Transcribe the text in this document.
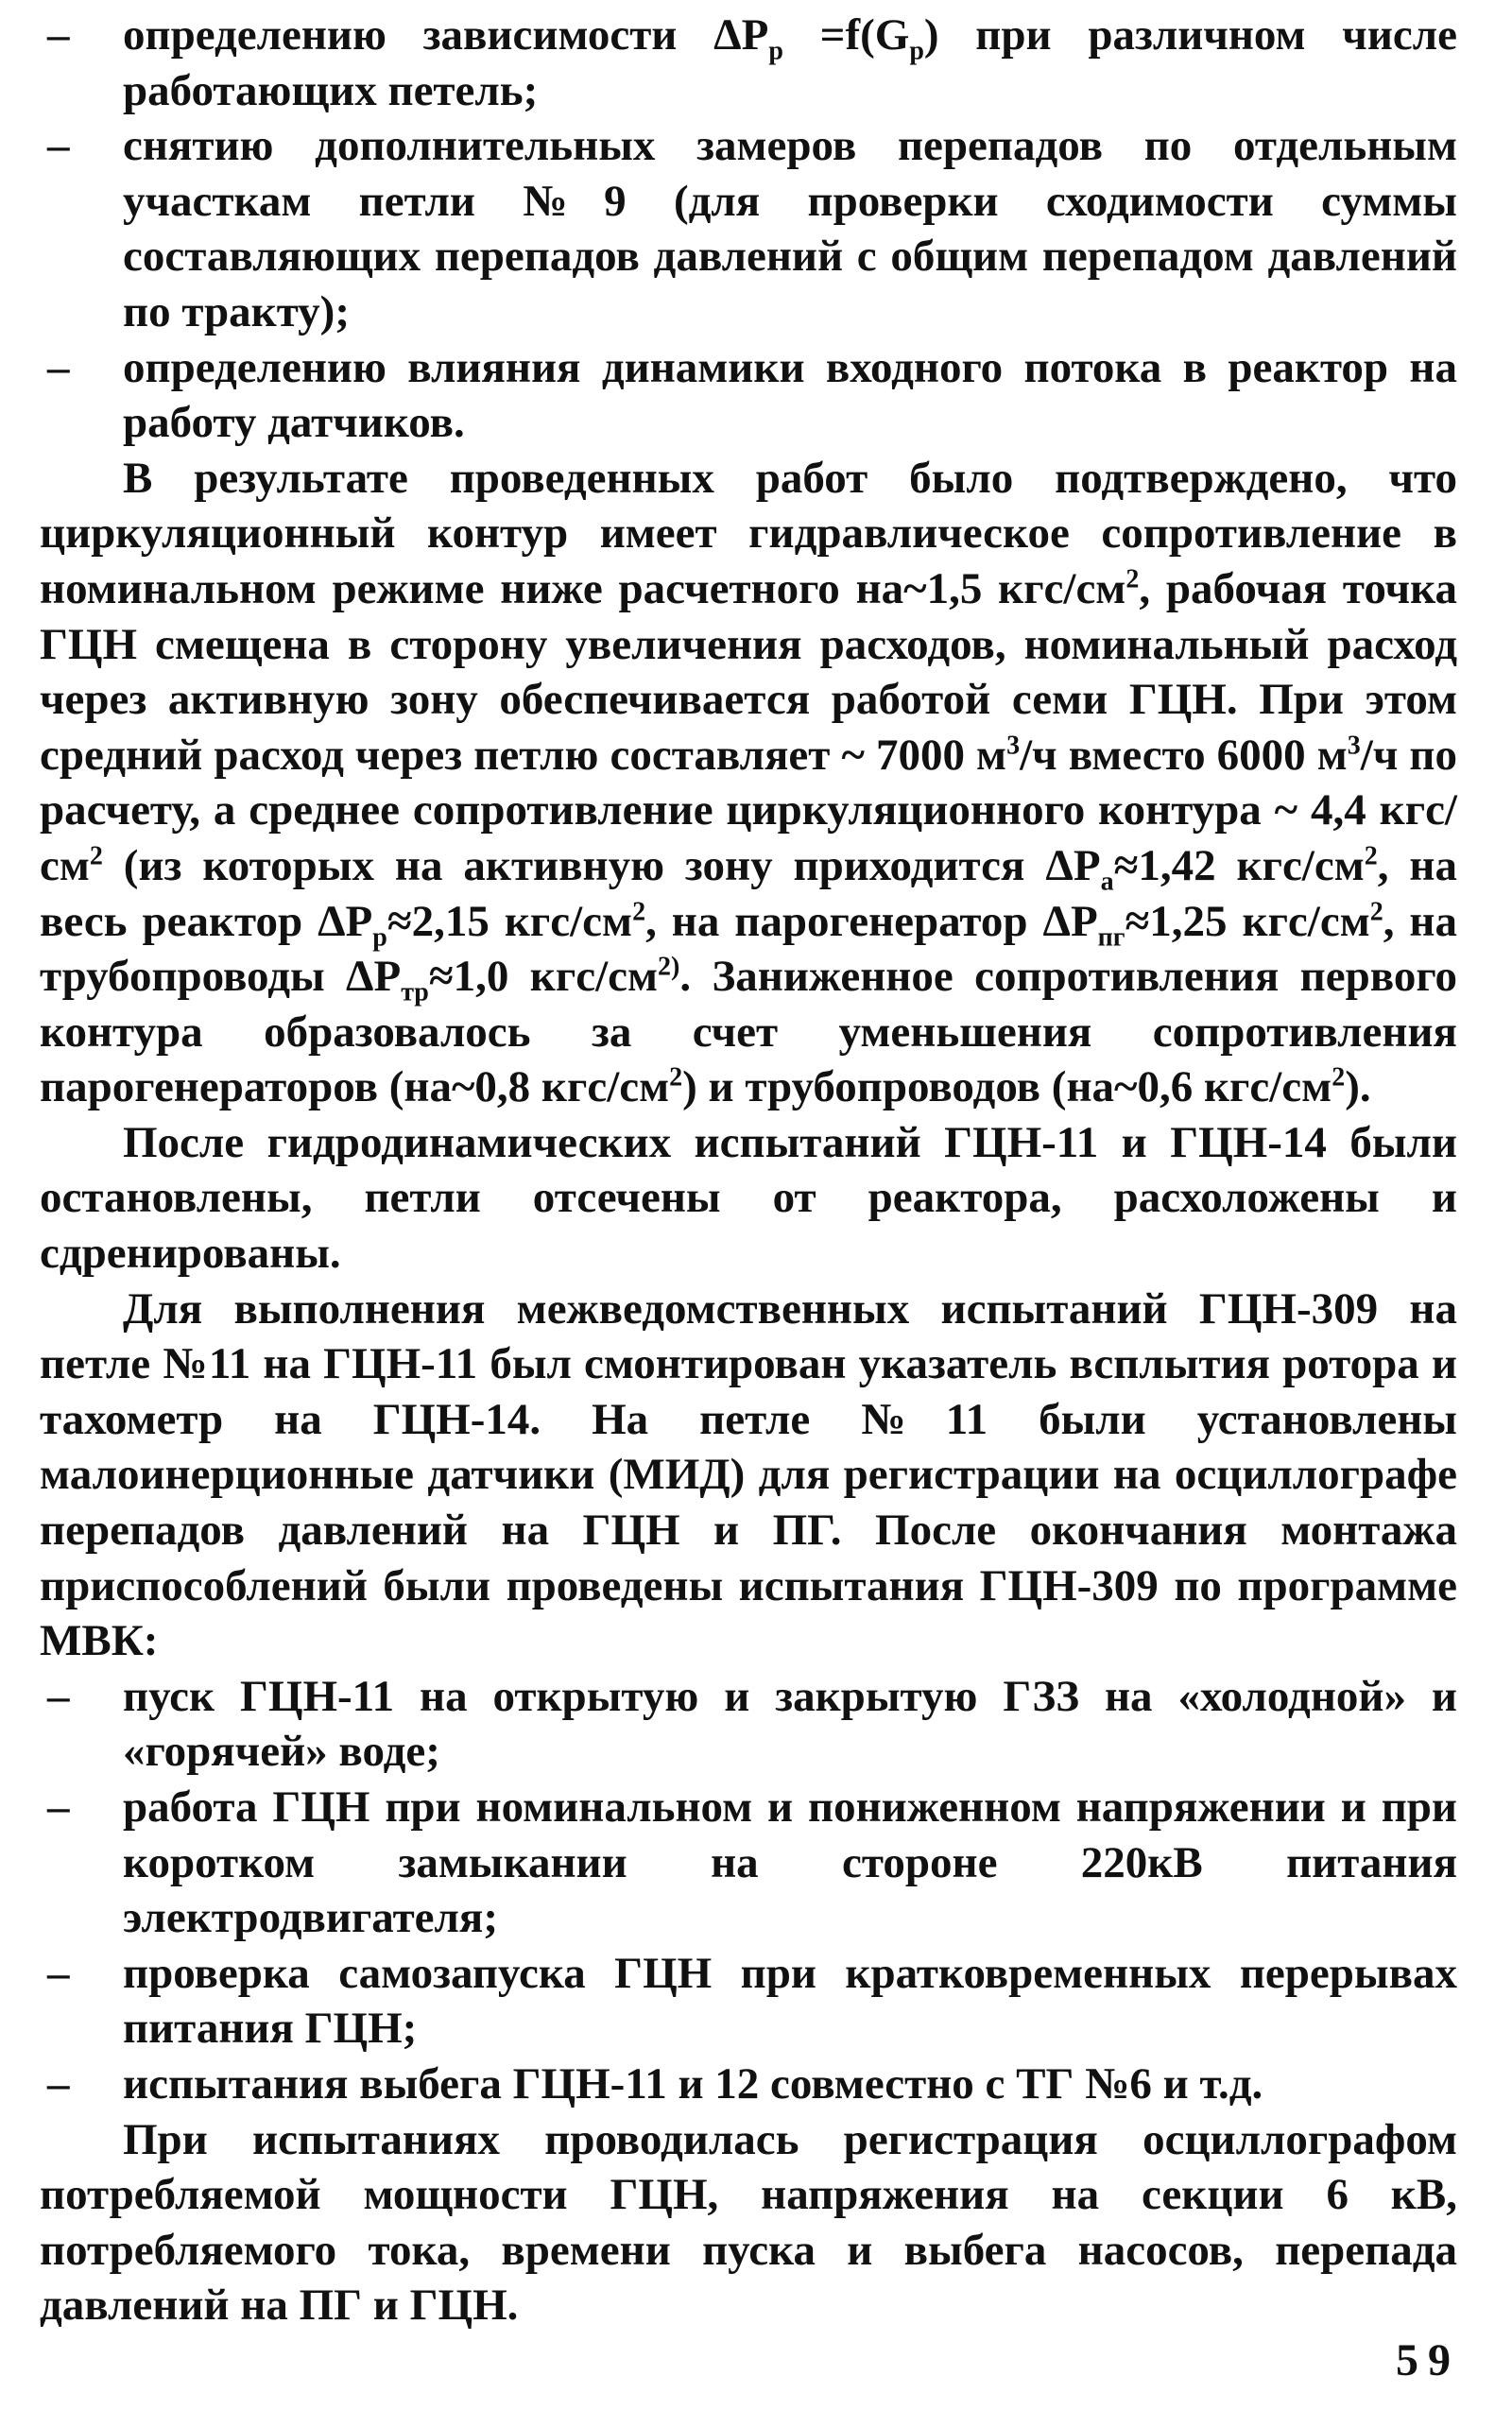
–	определению зависимости $\Delta P_р =f(G_р)$ при различном числе работающих петель;
–	снятию дополнительных замеров перепадов по отдельным участкам петли №9 (для проверки сходимости суммы составляющих перепадов давлений с общим перепадом давлений по тракту);
–	определению влияния динамики входного потока в реактор на работу датчиков.

В результате проведенных работ было подтверждено, что циркуляционный контур имеет гидравлическое сопротивление в номинальном режиме ниже расчетного на~1,5 кгс/$см^2$, рабочая точка ГЦН смещена в сторону увеличения расходов, номинальный расход через активную зону обеспечивается работой семи ГЦН. При этом средний расход через петлю составляет ~ 7000 $м^3/ч$ вместо 6000 $м^3/ч$ по расчету, а среднее сопротивление циркуляционного контура ~ 4,4 кгс/$см^2$ (из которых на активную зону приходится $\Delta P_а\approx 1,42$ кгс/$см^2$, на весь реактор $\Delta P_р\approx 2,15$ кгс/$см^2$, на парогенератор $\Delta P_{пг}\approx 1,25$ кгс/$см^2$, на трубопроводы $\Delta P_{тр}\approx 1,0$ кгс/$см^{2)}$. Заниженное сопротивления первого контура образовалось за счет уменьшения сопротивления парогенераторов (на~0,8 кгс/$см^2$) и трубопроводов (на~0,6 кгс/$см^2$).

После гидродинамических испытаний ГЦН-11 и ГЦН-14 были остановлены, петли отсечены от реактора, расхоложены и сдренированы.

Для выполнения межведомственных испытаний ГЦН-309 на петле №11 на ГЦН-11 был смонтирован указатель всплытия ротора и тахометр на ГЦН-14. На петле №11 были установлены малоинерционные датчики (МИД) для регистрации на осциллографе перепадов давлений на ГЦН и ПГ. После окончания монтажа приспособлений были проведены испытания ГЦН-309 по программе МВК:

–	пуск ГЦН-11 на открытую и закрытую ГЗЗ на «холодной» и «горячей» воде;
–	работа ГЦН при номинальном и пониженном напряжении и при коротком замыкании на стороне 220кВ питания электродвигателя;
–	проверка самозапуска ГЦН при кратковременных перерывах питания ГЦН;
–	испытания выбега ГЦН-11 и 12 совместно с ТГ №6 и т.д.

При испытаниях проводилась регистрация осциллографом потребляемой мощности ГЦН, напряжения на секции 6 кВ, потребляемого тока, времени пуска и выбега насосов, перепада давлений на ПГ и ГЦН.

59
